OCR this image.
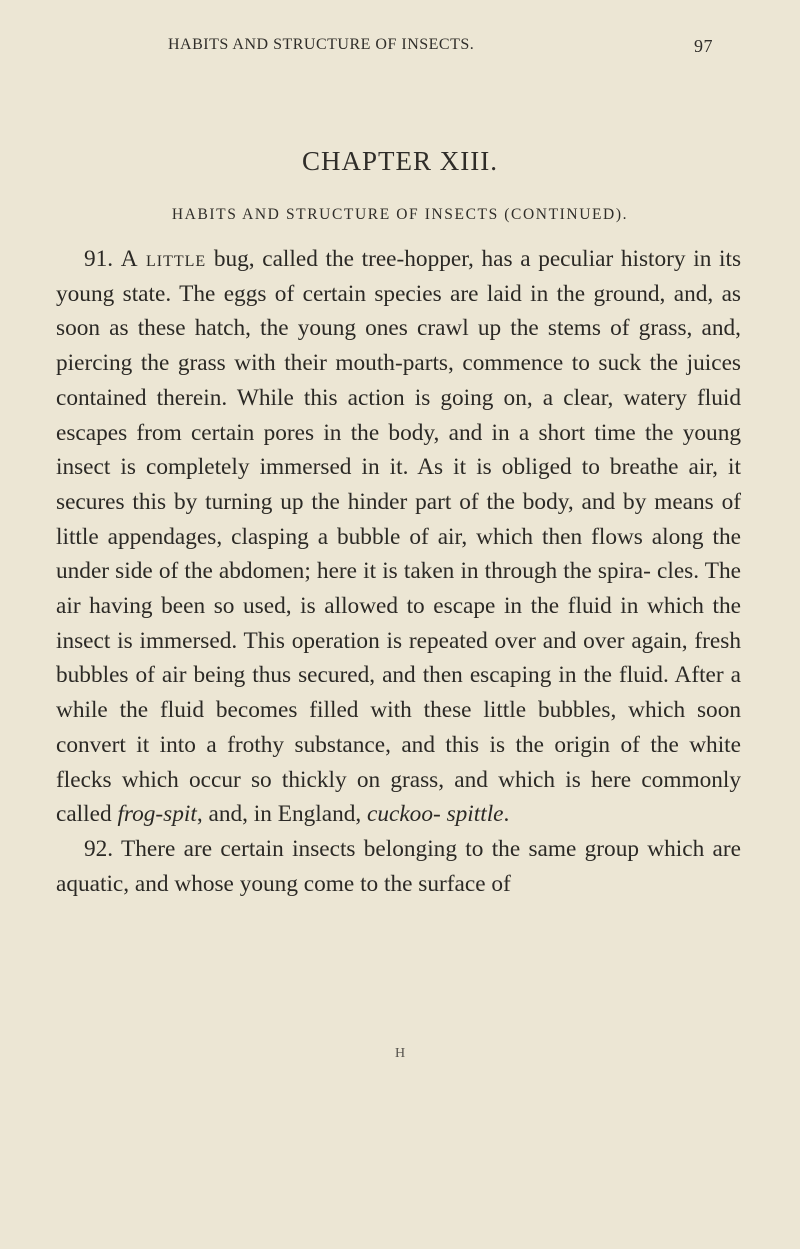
HABITS AND STRUCTURE OF INSECTS.	97
CHAPTER XIII.
HABITS AND STRUCTURE OF INSECTS (CONTINUED).

91. A little bug, called the tree-hopper, has a peculiar history in its young state. The eggs of certain species are laid in the ground, and, as soon as these hatch, the young ones crawl up the stems of grass, and, piercing the grass with their mouth-parts, commence to suck the juices contained therein. While this action is going on, a clear, watery fluid escapes from certain pores in the body, and in a short time the young insect is completely immersed in it. As it is obliged to breathe air, it secures this by turning up the hinder part of the body, and by means of little appendages, clasping a bubble of air, which then flows along the under side of the abdomen; here it is taken in through the spira- cles. The air having been so used, is allowed to escape in the fluid in which the insect is immersed. This operation is repeated over and over again, fresh bubbles of air being thus secured, and then escaping in the fluid. After a while the fluid becomes filled with these little bubbles, which soon convert it into a frothy substance, and this is the origin of the white flecks which occur so thickly on grass, and which is here commonly called frog-spit, and, in England, cuckoo- spittle.

92. There are certain insects belonging to the same group which are aquatic, and whose young come to the surface of

H
